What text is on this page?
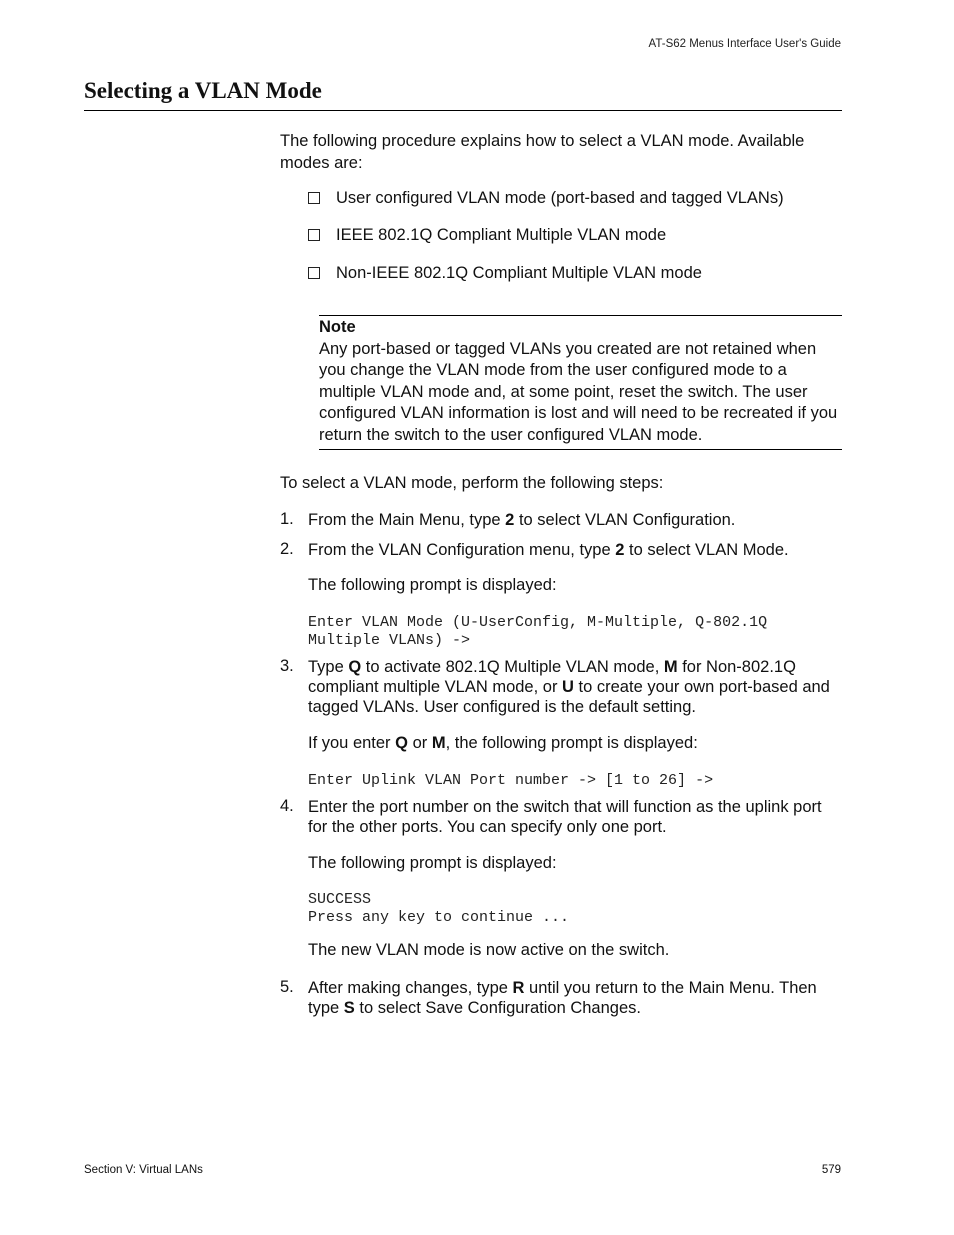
AT-S62 Menus Interface User's Guide
Selecting a VLAN Mode

The following procedure explains how to select a VLAN mode. Available modes are:

User configured VLAN mode (port-based and tagged VLANs)
IEEE 802.1Q Compliant Multiple VLAN mode
Non-IEEE 802.1Q Compliant Multiple VLAN mode
Note
Any port-based or tagged VLANs you created are not retained when you change the VLAN mode from the user configured mode to a multiple VLAN mode and, at some point, reset the switch. The user configured VLAN information is lost and will need to be recreated if you return the switch to the user configured VLAN mode.
To select a VLAN mode, perform the following steps:
1. From the Main Menu, type 2 to select VLAN Configuration.
2. From the VLAN Configuration menu, type 2 to select VLAN Mode.
The following prompt is displayed:
Enter VLAN Mode (U-UserConfig, M-Multiple, Q-802.1Q
Multiple VLANs) ->
3. Type Q to activate 802.1Q Multiple VLAN mode, M for Non-802.1Q compliant multiple VLAN mode, or U to create your own port-based and tagged VLANs. User configured is the default setting.
If you enter Q or M, the following prompt is displayed:
Enter Uplink VLAN Port number -> [1 to 26] ->
4. Enter the port number on the switch that will function as the uplink port for the other ports. You can specify only one port.
The following prompt is displayed:
SUCCESS
Press any key to continue ...
The new VLAN mode is now active on the switch.
5. After making changes, type R until you return to the Main Menu. Then type S to select Save Configuration Changes.
Section V: Virtual LANs	579
